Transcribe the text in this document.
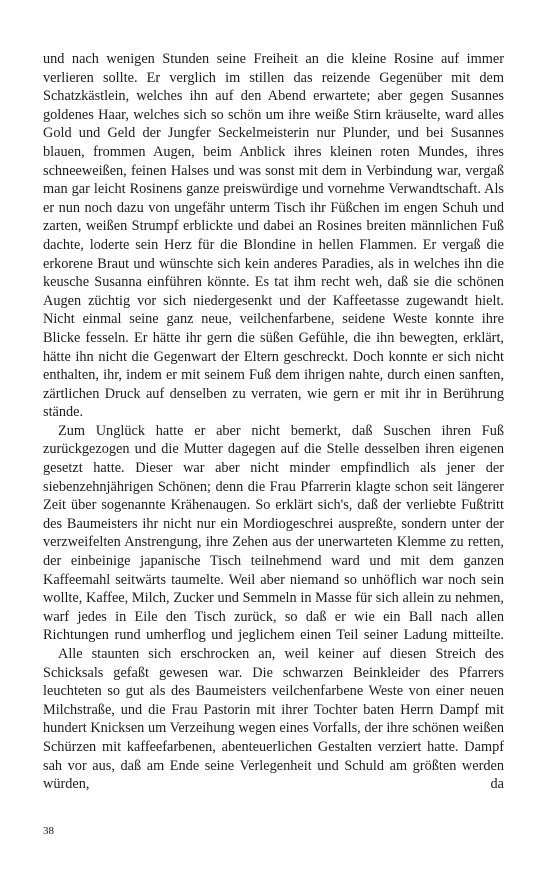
und nach wenigen Stunden seine Freiheit an die kleine Rosine auf immer verlieren sollte. Er verglich im stillen das reizende Gegenüber mit dem Schatzkästlein, welches ihn auf den Abend erwartete; aber gegen Susannes goldenes Haar, welches sich so schön um ihre weiße Stirn kräuselte, ward alles Gold und Geld der Jungfer Seckelmeisterin nur Plunder, und bei Susannes blauen, frommen Augen, beim Anblick ihres kleinen roten Mundes, ihres schneeweißen, feinen Halses und was sonst mit dem in Verbindung war, vergaß man gar leicht Rosinens ganze preiswürdige und vornehme Verwandtschaft. Als er nun noch dazu von ungefähr unterm Tisch ihr Füßchen im engen Schuh und zarten, weißen Strumpf erblickte und dabei an Rosines breiten männlichen Fuß dachte, loderte sein Herz für die Blondine in hellen Flammen. Er vergaß die erkorene Braut und wünschte sich kein anderes Paradies, als in welches ihn die keusche Susanna einführen könnte. Es tat ihm recht weh, daß sie die schönen Augen züchtig vor sich niedergesenkt und der Kaffeetasse zugewandt hielt. Nicht einmal seine ganz neue, veilchenfarbene, seidene Weste konnte ihre Blicke fesseln. Er hätte ihr gern die süßen Gefühle, die ihn bewegten, erklärt, hätte ihn nicht die Gegenwart der Eltern geschreckt. Doch konnte er sich nicht enthalten, ihr, indem er mit seinem Fuß dem ihrigen nahte, durch einen sanften, zärtlichen Druck auf denselben zu verraten, wie gern er mit ihr in Berührung stände.

Zum Unglück hatte er aber nicht bemerkt, daß Suschen ihren Fuß zurückgezogen und die Mutter dagegen auf die Stelle desselben ihren eigenen gesetzt hatte. Dieser war aber nicht minder empfindlich als jener der siebenzehnjährigen Schönen; denn die Frau Pfarrerin klagte schon seit längerer Zeit über sogenannte Krähenaugen. So erklärt sich's, daß der verliebte Fußtritt des Baumeisters ihr nicht nur ein Mordiogeschrei auspreßte, sondern unter der verzweifelten Anstrengung, ihre Zehen aus der unerwarteten Klemme zu retten, der einbeinige japanische Tisch teilnehmend ward und mit dem ganzen Kaffeemahl seitwärts taumelte. Weil aber niemand so unhöflich war noch sein wollte, Kaffee, Milch, Zucker und Semmeln in Masse für sich allein zu nehmen, warf jedes in Eile den Tisch zurück, so daß er wie ein Ball nach allen Richtungen rund umherflog und jeglichem einen Teil seiner Ladung mitteilte.

Alle staunten sich erschrocken an, weil keiner auf diesen Streich des Schicksals gefaßt gewesen war. Die schwarzen Beinkleider des Pfarrers leuchteten so gut als des Baumeisters veilchenfarbene Weste von einer neuen Milchstraße, und die Frau Pastorin mit ihrer Tochter baten Herrn Dampf mit hundert Knicksen um Verzeihung wegen eines Vorfalls, der ihre schönen weißen Schürzen mit kaffeefarbenen, abenteuerlichen Gestalten verziert hatte. Dampf sah vor aus, daß am Ende seine Verlegenheit und Schuld am größten werden würden, da

38
